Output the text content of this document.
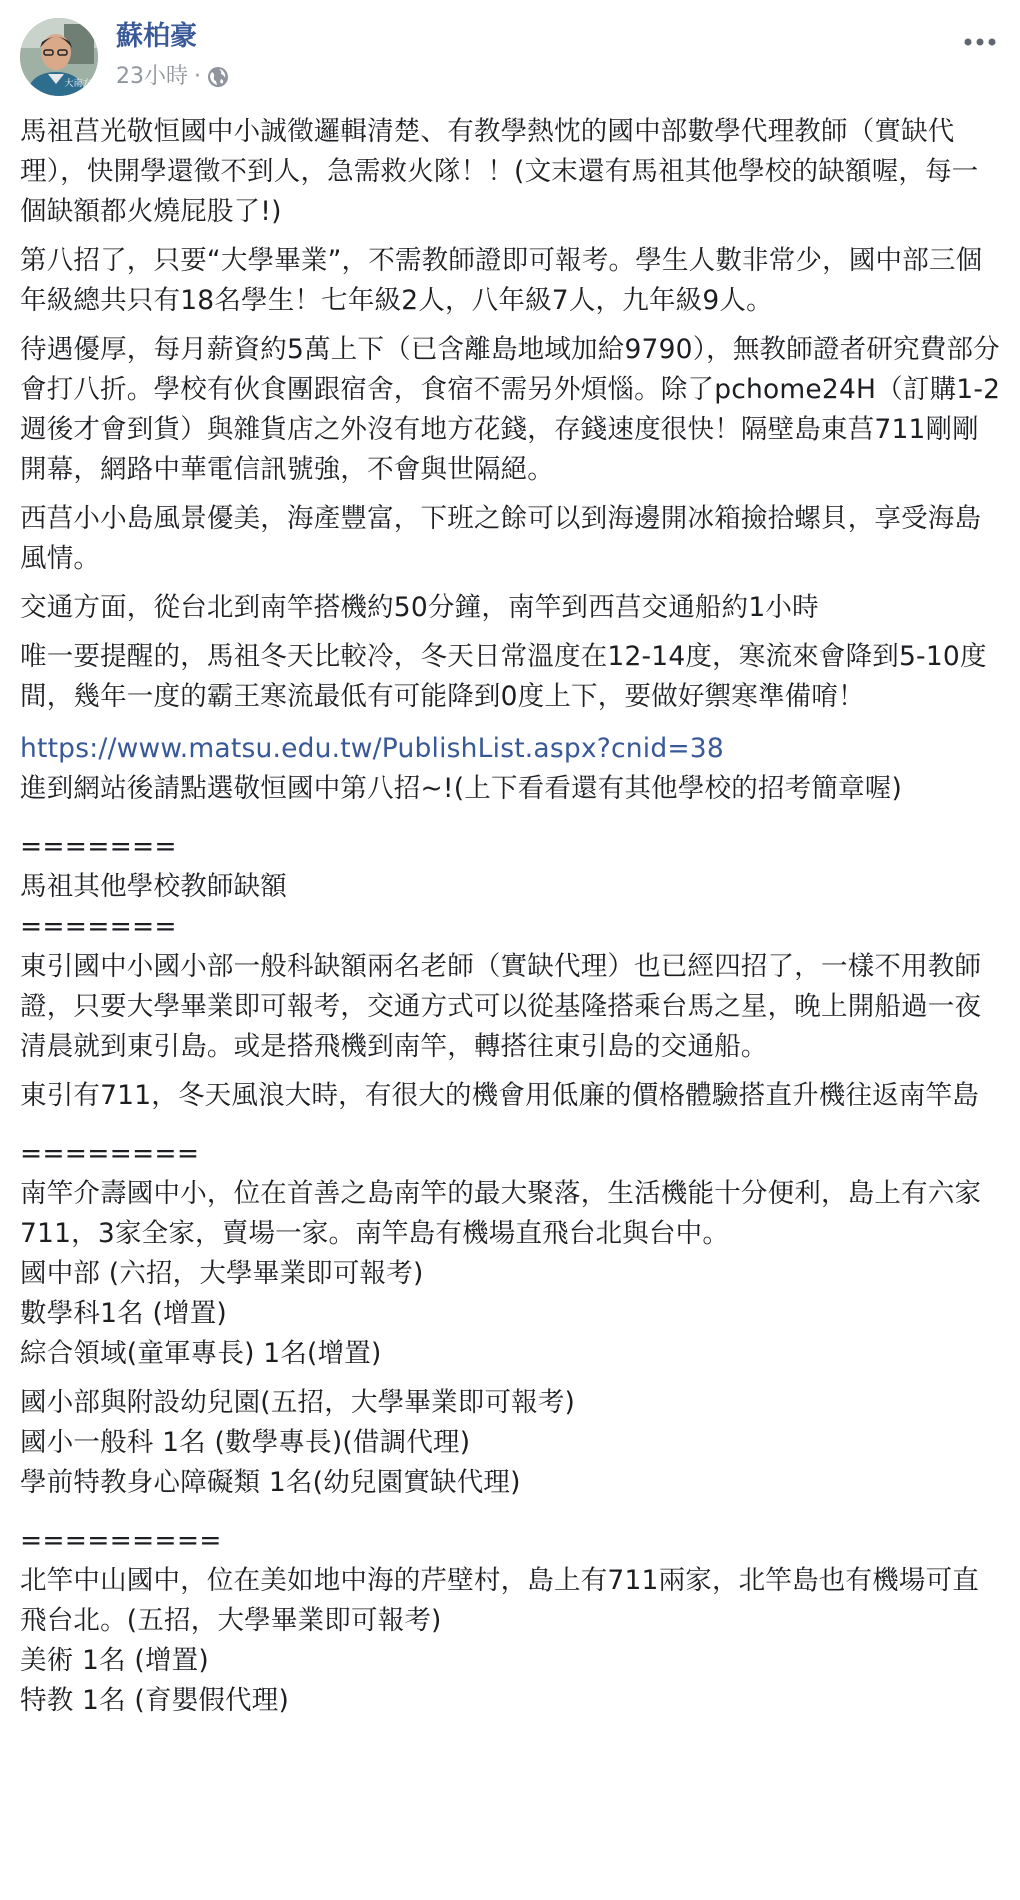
大南方
蘇柏豪
23小時 ·

馬祖莒光敬恒國中小誠徵邏輯清楚、有教學熱忱的國中部數學代理教師（實缺代理），快開學還徵不到人，急需救火隊！！(文末還有馬祖其他學校的缺額喔，每一個缺額都火燒屁股了!)

第八招了，只要“大學畢業”，不需教師證即可報考。學生人數非常少，國中部三個年級總共只有18名學生！七年級2人，八年級7人，九年級9人。

待遇優厚，每月薪資約5萬上下（已含離島地域加給9790），無教師證者研究費部分會打八折。學校有伙食團跟宿舍，食宿不需另外煩惱。除了pchome24H（訂購1-2週後才會到貨）與雜貨店之外沒有地方花錢，存錢速度很快！隔壁島東莒711剛剛開幕，網路中華電信訊號強，不會與世隔絕。

西莒小小島風景優美，海產豐富，下班之餘可以到海邊開冰箱撿拾螺貝，享受海島風情。

交通方面，從台北到南竿搭機約50分鐘，南竿到西莒交通船約1小時

唯一要提醒的，馬祖冬天比較冷，冬天日常溫度在12-14度，寒流來會降到5-10度間，幾年一度的霸王寒流最低有可能降到0度上下，要做好禦寒準備唷！

https://www.matsu.edu.tw/PublishList.aspx?cnid=38

進到網站後請點選敬恒國中第八招~!(上下看看還有其他學校的招考簡章喔)

=======

馬祖其他學校教師缺額

=======

東引國中小國小部一般科缺額兩名老師（實缺代理）也已經四招了，一樣不用教師證，只要大學畢業即可報考，交通方式可以從基隆搭乘台馬之星，晚上開船過一夜清晨就到東引島。或是搭飛機到南竿，轉搭往東引島的交通船。

東引有711，冬天風浪大時，有很大的機會用低廉的價格體驗搭直升機往返南竿島

========

南竿介壽國中小，位在首善之島南竿的最大聚落，生活機能十分便利，島上有六家711，3家全家，賣場一家。南竿島有機場直飛台北與台中。

國中部 (六招，大學畢業即可報考)

數學科1名 (增置)

綜合領域(童軍專長) 1名(增置)

國小部與附設幼兒園(五招，大學畢業即可報考)

國小一般科 1名 (數學專長)(借調代理)

學前特教身心障礙類 1名(幼兒園實缺代理)

=========

北竿中山國中，位在美如地中海的芹壁村，島上有711兩家，北竿島也有機場可直飛台北。(五招，大學畢業即可報考)

美術 1名 (增置)

特教 1名 (育嬰假代理)
